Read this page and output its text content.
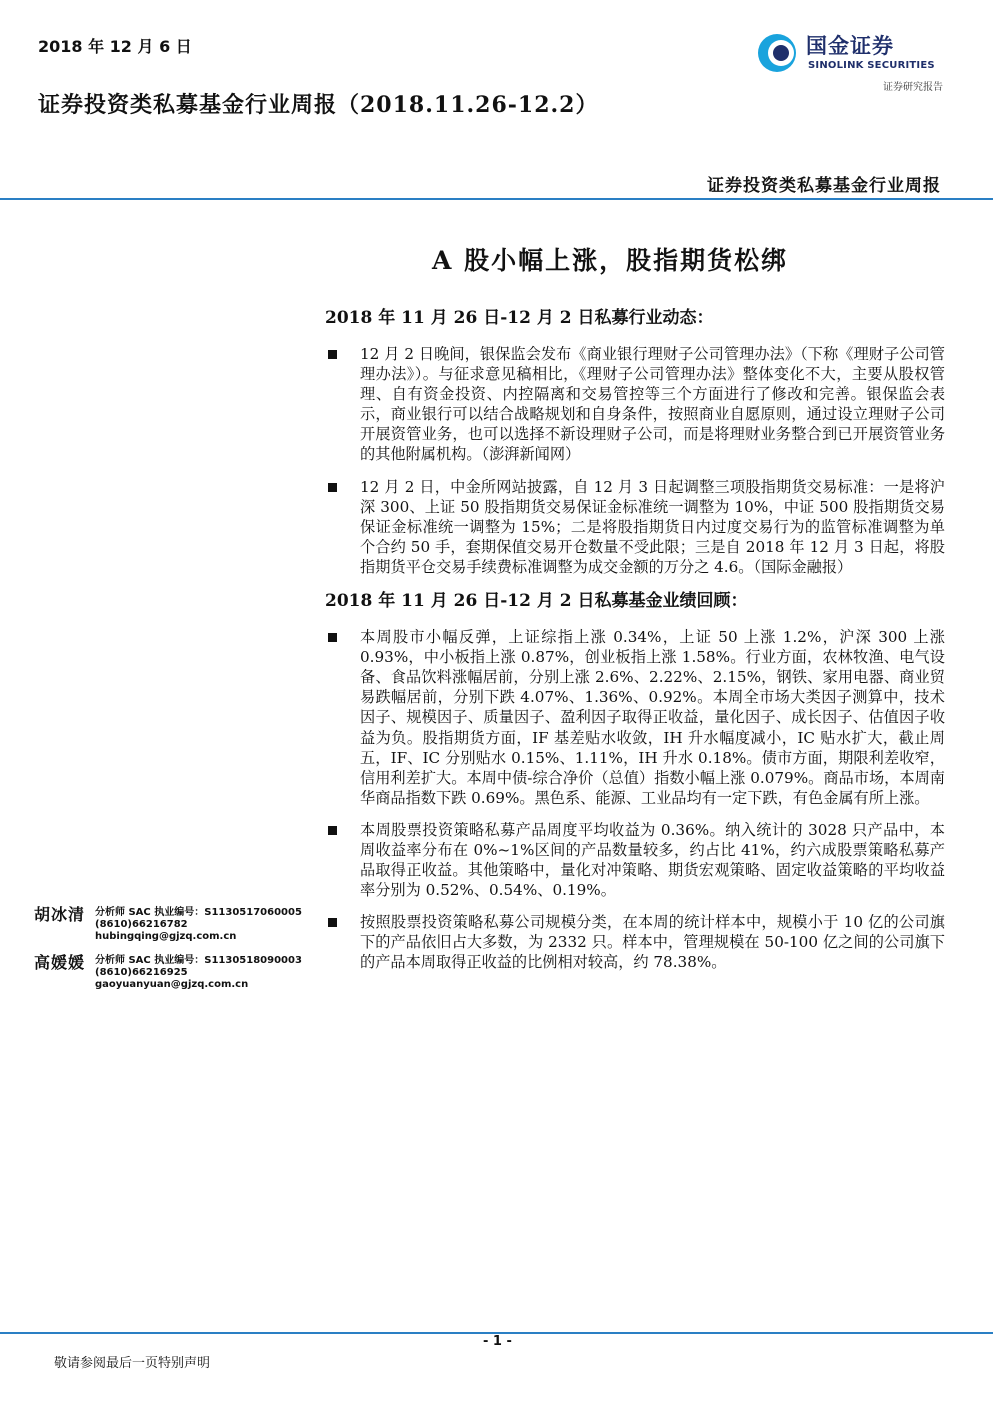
2018 年 12 月 6 日	国金证券
SINOLINK SECURITIES
证券研究报告
证券投资类私募基金行业周报（2018.11.26-12.2）
证券投资类私募基金行业周报
A 股小幅上涨，股指期货松绑
2018 年 11 月 26 日-12 月 2 日私募行业动态：
12 月 2 日晚间，银保监会发布《商业银行理财子公司管理办法》（下称《理财子公司管理办法》）。与征求意见稿相比，《理财子公司管理办法》整体变化不大，主要从股权管理、自有资金投资、内控隔离和交易管控等三个方面进行了修改和完善。银保监会表示，商业银行可以结合战略规划和自身条件，按照商业自愿原则，通过设立理财子公司开展资管业务，也可以选择不新设理财子公司，而是将理财业务整合到已开展资管业务的其他附属机构。（澎湃新闻网）
12 月 2 日，中金所网站披露，自 12 月 3 日起调整三项股指期货交易标准：一是将沪深 300、上证 50 股指期货交易保证金标准统一调整为 10%，中证 500 股指期货交易保证金标准统一调整为 15%；二是将股指期货日内过度交易行为的监管标准调整为单个合约 50 手，套期保值交易开仓数量不受此限；三是自 2018 年 12 月 3 日起，将股指期货平仓交易手续费标准调整为成交金额的万分之 4.6。（国际金融报）
2018 年 11 月 26 日-12 月 2 日私募基金业绩回顾：
本周股市小幅反弹，上证综指上涨 0.34%，上证 50 上涨 1.2%，沪深 300 上涨 0.93%，中小板指上涨 0.87%，创业板指上涨 1.58%。行业方面，农林牧渔、电气设备、食品饮料涨幅居前，分别上涨 2.6%、2.22%、2.15%，钢铁、家用电器、商业贸易跌幅居前，分别下跌 4.07%、1.36%、0.92%。本周全市场大类因子测算中，技术因子、规模因子、质量因子、盈利因子取得正收益，量化因子、成长因子、估值因子收益为负。股指期货方面，IF 基差贴水收敛，IH 升水幅度减小，IC 贴水扩大，截止周五，IF、IC 分别贴水 0.15%、1.11%，IH 升水 0.18%。债市方面，期限利差收窄，信用利差扩大。本周中债-综合净价（总值）指数小幅上涨 0.079%。商品市场，本周南华商品指数下跌 0.69%。黑色系、能源、工业品均有一定下跌，有色金属有所上涨。
本周股票投资策略私募产品周度平均收益为 0.36%。纳入统计的 3028 只产品中，本周收益率分布在 0%~1%区间的产品数量较多，约占比 41%，约六成股票策略私募产品取得正收益。其他策略中，量化对冲策略、期货宏观策略、固定收益策略的平均收益率分别为 0.52%、0.54%、0.19%。
按照股票投资策略私募公司规模分类，在本周的统计样本中，规模小于 10 亿的公司旗下的产品依旧占大多数，为 2332 只。样本中，管理规模在 50-100 亿之间的公司旗下的产品本周取得正收益的比例相对较高，约 78.38%。
胡冰清 分析师 SAC 执业编号：S1130517060005
(8610)66216782
hubingqing@gjzq.com.cn
高媛媛 分析师 SAC 执业编号：S1130518090003
(8610)66216925
gaoyuanyuan@gjzq.com.cn
- 1 -
敬请参阅最后一页特别声明
